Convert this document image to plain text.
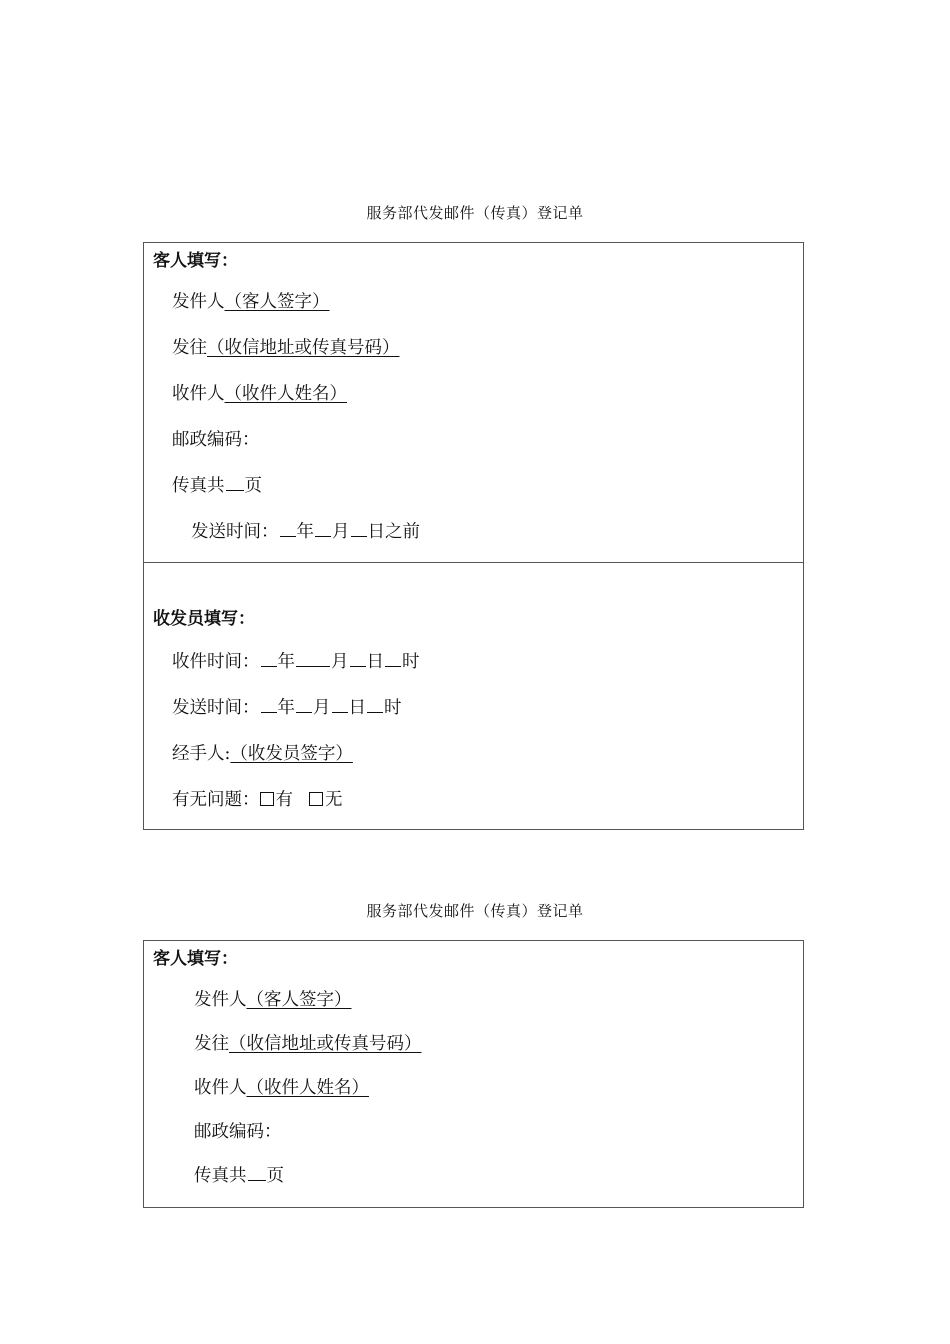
服务部代发邮件（传真）登记单
客人填写：
发件人（客人签字）
发往（收信地址或传真号码）
收件人（收件人姓名）
邮政编码：
传真共 页
发送时间： 年 月 日之前
收发员填写：
收件时间： 年 月 日 时
发送时间： 年 月 日 时
经手人:（收发员签字）
有无问题： 有 无
服务部代发邮件（传真）登记单
客人填写：
发件人（客人签字）
发往（收信地址或传真号码）
收件人（收件人姓名）
邮政编码：
传真共 页
